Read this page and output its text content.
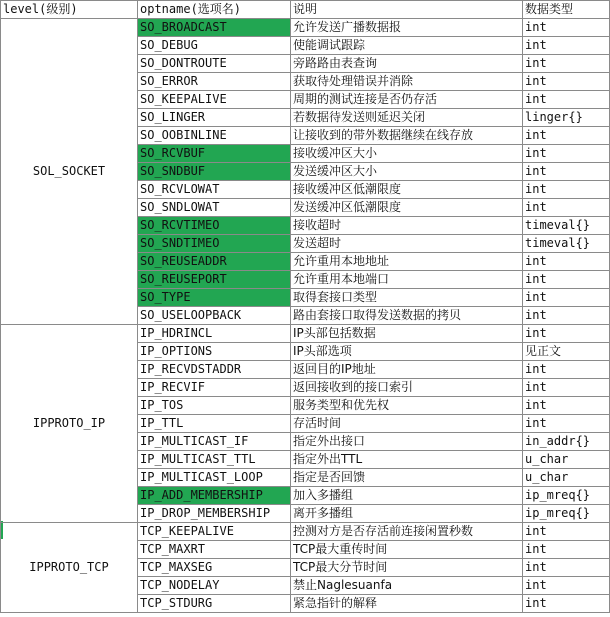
level(级别)	optname(选项名)	说明	数据类型
SOL_SOCKET	SO_BROADCAST	允许发送广播数据报	int
	SO_DEBUG	使能调试跟踪	int
	SO_DONTROUTE	旁路路由表查询	int
	SO_ERROR	获取待处理错误并消除	int
	SO_KEEPALIVE	周期的测试连接是否仍存活	int
	SO_LINGER	若数据待发送则延迟关闭	linger{}
	SO_OOBINLINE	让接收到的带外数据继续在线存放	int
	SO_RCVBUF	接收缓冲区大小	int
	SO_SNDBUF	发送缓冲区大小	int
	SO_RCVLOWAT	接收缓冲区低潮限度	int
	SO_SNDLOWAT	发送缓冲区低潮限度	int
	SO_RCVTIMEO	接收超时	timeval{}
	SO_SNDTIMEO	发送超时	timeval{}
	SO_REUSEADDR	允许重用本地地址	int
	SO_REUSEPORT	允许重用本地端口	int
	SO_TYPE	取得套接口类型	int
	SO_USELOOPBACK	路由套接口取得发送数据的拷贝	int
IPPROTO_IP	IP_HDRINCL	IP头部包括数据	int
	IP_OPTIONS	IP头部选项	见正文
	IP_RECVDSTADDR	返回目的IP地址	int
	IP_RECVIF	返回接收到的接口索引	int
	IP_TOS	服务类型和优先权	int
	IP_TTL	存活时间	int
	IP_MULTICAST_IF	指定外出接口	in_addr{}
	IP_MULTICAST_TTL	指定外出TTL	u_char
	IP_MULTICAST_LOOP	指定是否回馈	u_char
	IP_ADD_MEMBERSHIP	加入多播组	ip_mreq{}
	IP_DROP_MEMBERSHIP	离开多播组	ip_mreq{}
IPPROTO_TCP	TCP_KEEPALIVE	控测对方是否存活前连接闲置秒数	int
	TCP_MAXRT	TCP最大重传时间	int
	TCP_MAXSEG	TCP最大分节时间	int
	TCP_NODELAY	禁止Naglesuanfa	int
	TCP_STDURG	紧急指针的解释	int
